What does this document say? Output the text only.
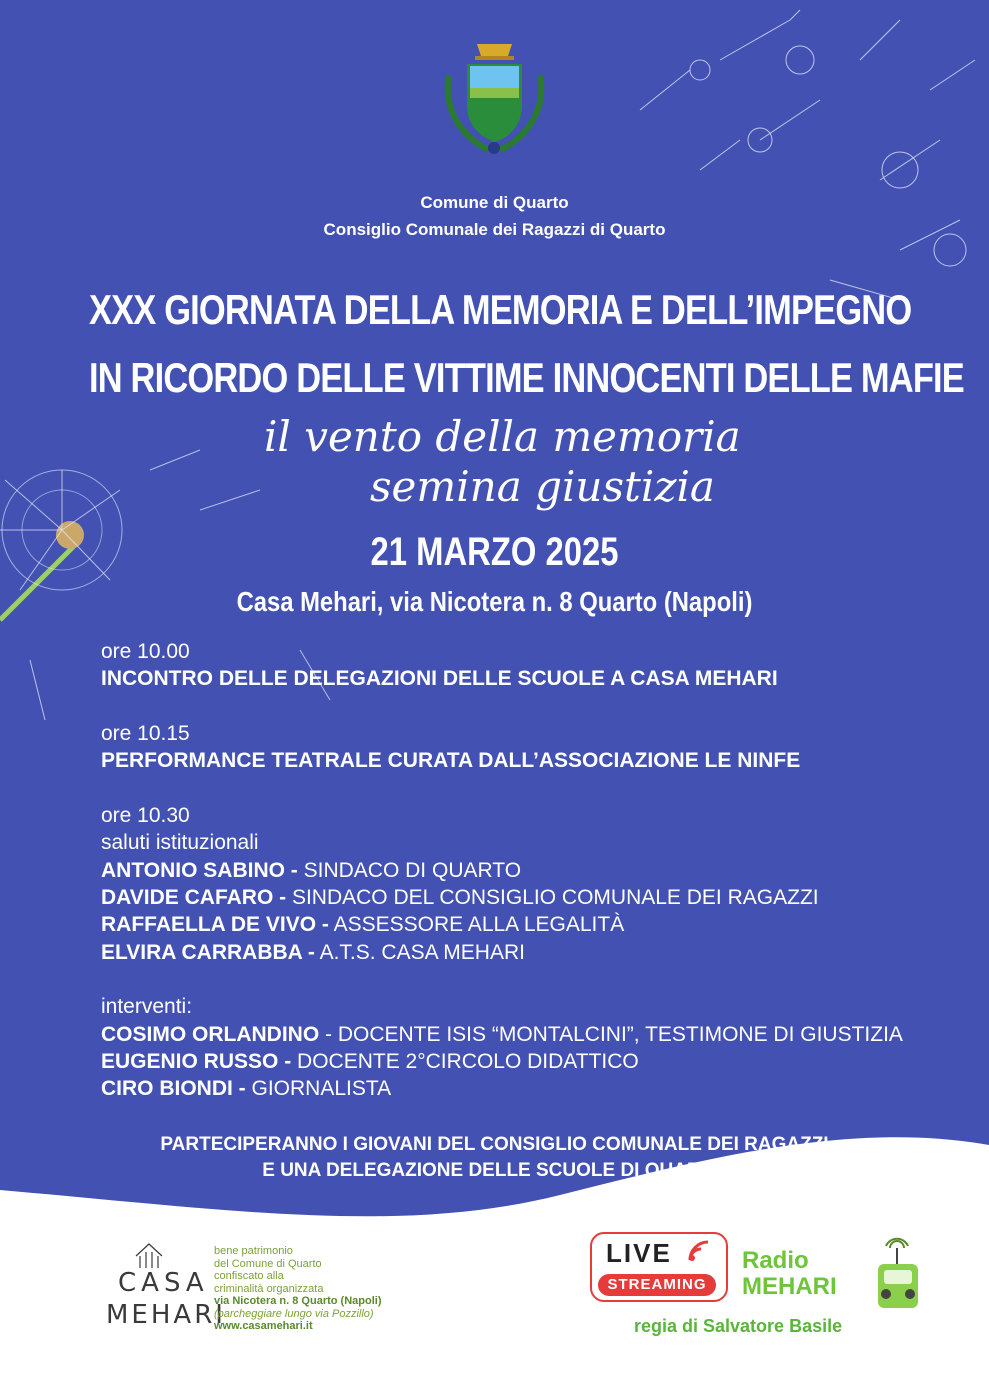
Comune di Quarto
Consiglio Comunale dei Ragazzi di Quarto
XXX GIORNATA DELLA MEMORIA E DELL’IMPEGNO
IN RICORDO DELLE VITTIME INNOCENTI DELLE MAFIE
il vento della memoria
semina giustizia
21 MARZO 2025
Casa Mehari, via Nicotera n. 8 Quarto (Napoli)
ore 10.00
INCONTRO DELLE DELEGAZIONI DELLE SCUOLE A CASA MEHARI
ore 10.15
PERFORMANCE TEATRALE CURATA DALL’ASSOCIAZIONE LE NINFE
ore 10.30
saluti istituzionali
ANTONIO SABINO - SINDACO DI QUARTO
DAVIDE CAFARO - SINDACO DEL CONSIGLIO COMUNALE DEI RAGAZZI
RAFFAELLA DE VIVO - ASSESSORE ALLA LEGALITÀ
ELVIRA CARRABBA - A.T.S. CASA MEHARI
interventi:
COSIMO ORLANDINO - DOCENTE ISIS “MONTALCINI”, TESTIMONE DI GIUSTIZIA
EUGENIO RUSSO - DOCENTE 2°CIRCOLO DIDATTICO
CIRO BIONDI - GIORNALISTA
PARTECIPERANNO I GIOVANI DEL CONSIGLIO COMUNALE DEI RAGAZZI
E UNA DELEGAZIONE DELLE SCUOLE DI QUARTO
CASA
MEHARI
bene patrimonio
del Comune di Quarto
confiscato alla
criminalità organizzata
via Nicotera n. 8 Quarto (Napoli)
(parcheggiare lungo via Pozzillo)
www.casamehari.it
LIVE
STREAMING
Radio
MEHARI
regia di Salvatore Basile
